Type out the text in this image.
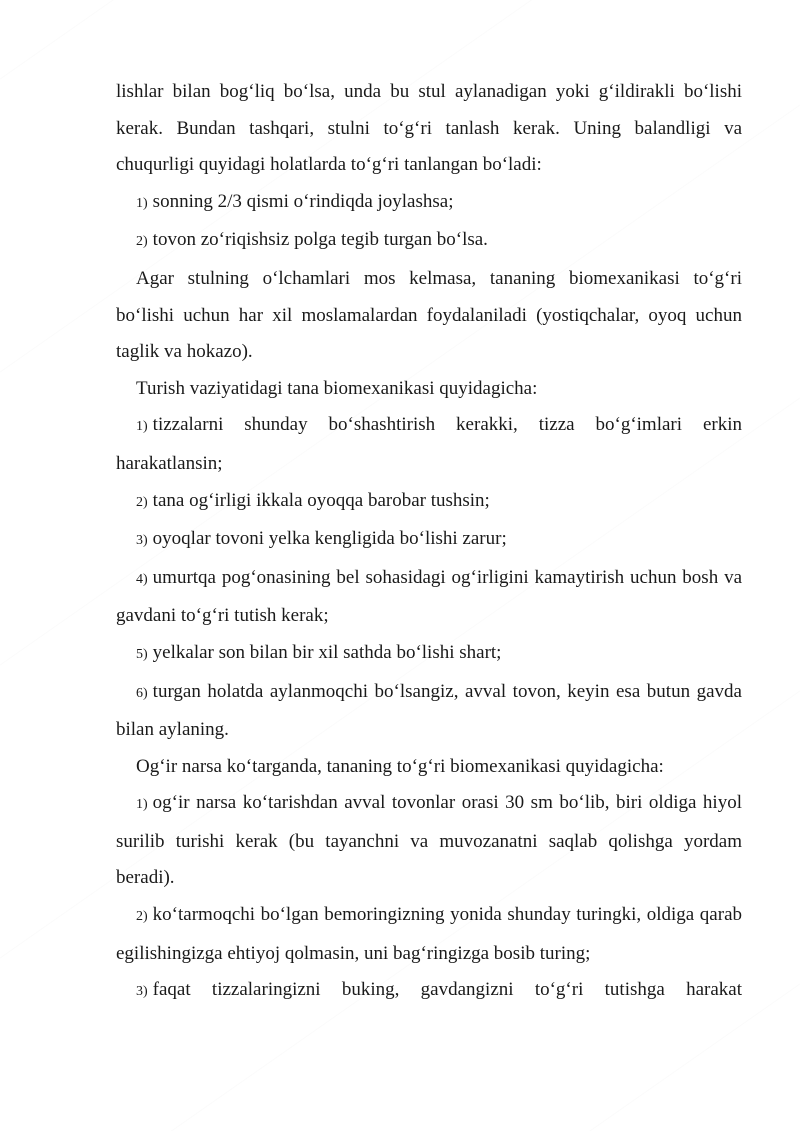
lishlar bilan bog‘liq bo‘lsa, unda bu stul aylanadigan yoki g‘ildirakli bo‘lishi kerak. Bundan tashqari, stulni to‘g‘ri tanlash kerak. Uning balandligi va chuqurligi quyidagi holatlarda to‘g‘ri tanlangan bo‘ladi:

1) sonning 2/3 qismi o‘rindiqda joylashsa;

2) tovon zo‘riqishsiz polga tegib turgan bo‘lsa.

Agar stulning o‘lchamlari mos kelmasa, tananing biomexanikasi to‘g‘ri bo‘lishi uchun har xil moslamalardan foydalaniladi (yostiqchalar, oyoq uchun taglik va hokazo).

Turish vaziyatidagi tana biomexanikasi quyidagicha:

1) tizzalarni shunday bo‘shashtirish kerakki, tizza bo‘g‘imlari erkin harakatlansin;

2) tana og‘irligi ikkala oyoqqa barobar tushsin;

3) oyoqlar tovoni yelka kengligida bo‘lishi zarur;

4) umurtqa pog‘onasining bel sohasidagi og‘irligini kamaytirish uchun bosh va gavdani to‘g‘ri tutish kerak;

5) yelkalar son bilan bir xil sathda bo‘lishi shart;

6) turgan holatda aylanmoqchi bo‘lsangiz, avval tovon, keyin esa butun gavda bilan aylaning.

Og‘ir narsa ko‘targanda, tananing to‘g‘ri biomexanikasi quyidagicha:

1) og‘ir narsa ko‘tarishdan avval tovonlar orasi 30 sm bo‘lib, biri oldiga hiyol surilib turishi kerak (bu tayanchni va muvozanatni saqlab qolishga yordam beradi).

2) ko‘tarmoqchi bo‘lgan bemoringizning yonida shunday turingki, oldiga qarab egilishingizga ehtiyoj qolmasin, uni bag‘ringizga bosib turing;

3) faqat tizzalaringizni buking, gavdangizni to‘g‘ri tutishga harakat
